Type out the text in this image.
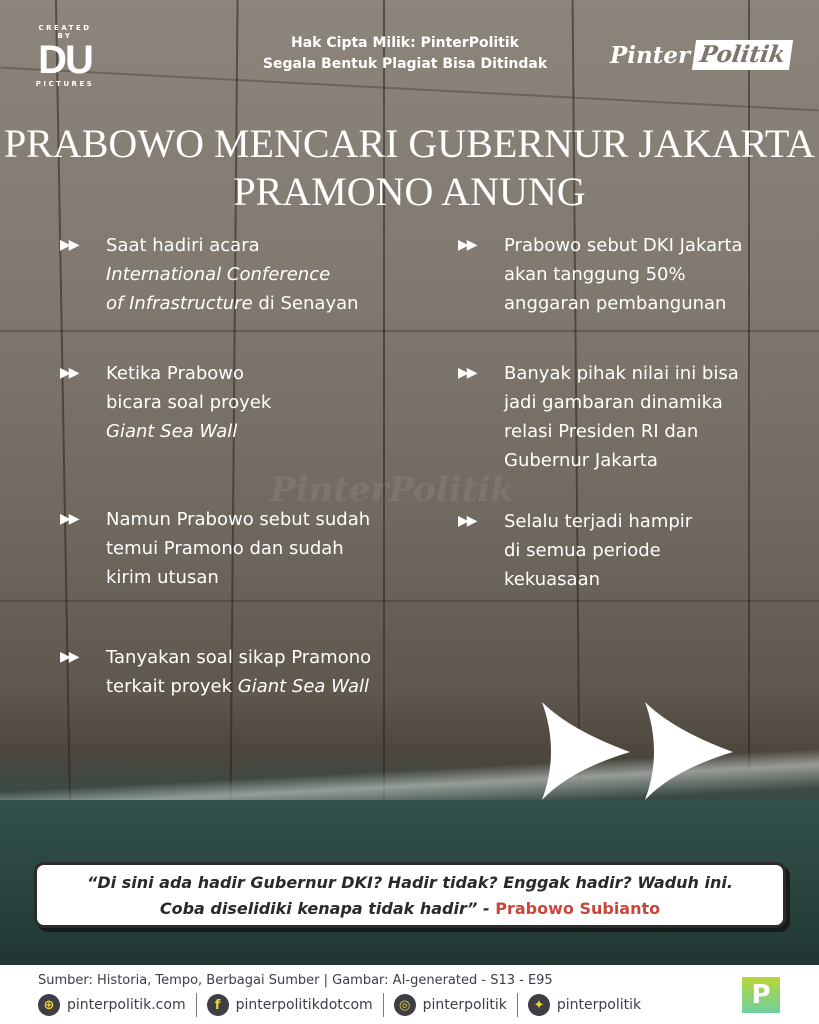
CREATED BY
DU
PICTURES
Hak Cipta Milik: PinterPolitik
Segala Bentuk Plagiat Bisa Ditindak	Pinter Politik
PRABOWO MENCARI GUBERNUR JAKARTA
PRAMONO ANUNG
PinterPolitik
▶▶	Saat hadiri acara
International Conference
of Infrastructure di Senayan
▶▶	Ketika Prabowo
bicara soal proyek
Giant Sea Wall
▶▶	Namun Prabowo sebut sudah
temui Pramono dan sudah
kirim utusan
▶▶	Tanyakan soal sikap Pramono
terkait proyek Giant Sea Wall
▶▶	Prabowo sebut DKI Jakarta
akan tanggung 50%
anggaran pembangunan
▶▶	Banyak pihak nilai ini bisa
jadi gambaran dinamika
relasi Presiden RI dan
Gubernur Jakarta
▶▶	Selalu terjadi hampir
di semua periode
kekuasaan
“Di sini ada hadir Gubernur DKI? Hadir tidak? Enggak hadir? Waduh ini.
Coba diselidiki kenapa tidak hadir” - Prabowo Subianto
Sumber: Historia, Tempo, Berbagai Sumber | Gambar: AI-generated - S13 - E95
⊕ pinterpolitik.com	f	pinterpolitikdotcom	◎ pinterpolitik	✦ pinterpolitik	P
